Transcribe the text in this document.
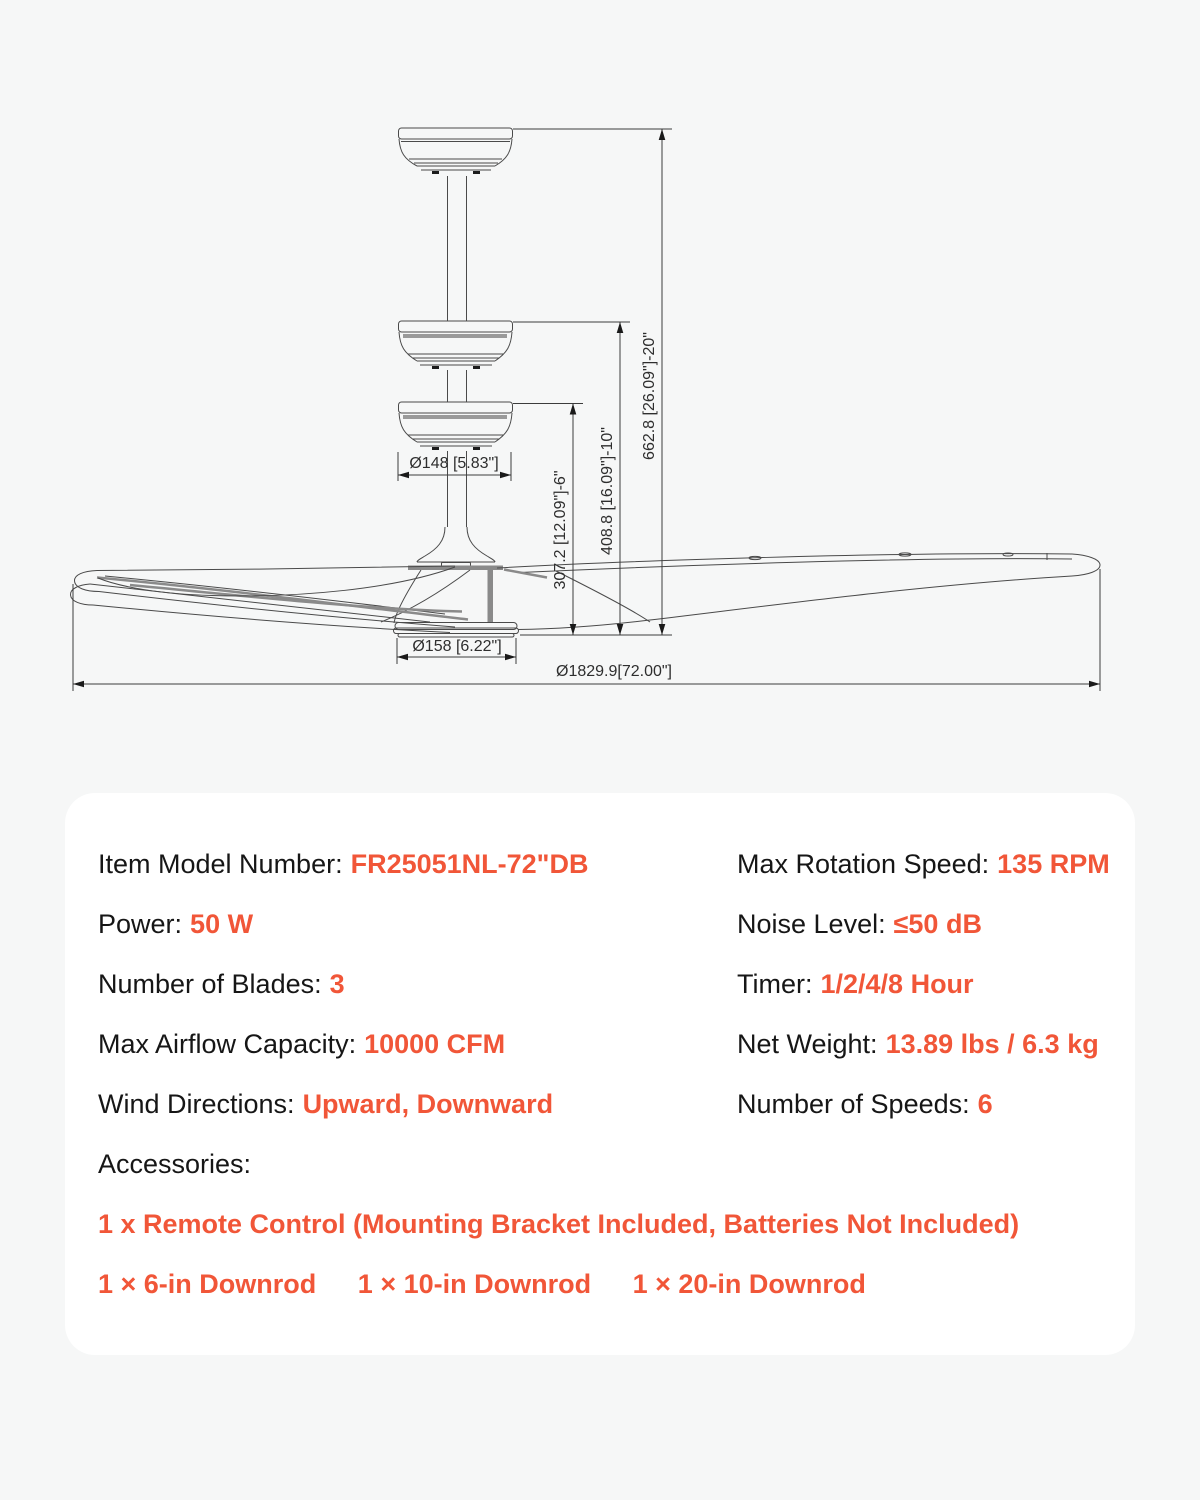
Ø148 [5.83"]
Ø158 [6.22"]
Ø1829.9[72.00"]
307.2 [12.09"]-6" 408.8 [16.09"]-10"
662.8 [26.09"]-20"
Item Model Number: FR25051NL-72"DB	Max Rotation Speed: 135 RPM
Power: 50 W	Noise Level: ≤50 dB
Number of Blades: 3	Timer: 1/2/4/8 Hour
Max Airflow Capacity: 10000 CFM	Net Weight: 13.89 lbs / 6.3 kg
Wind Directions: Upward, Downward	Number of Speeds: 6
Accessories:
1 x Remote Control (Mounting Bracket Included, Batteries Not Included)
1 × 6-in Downrod 1 × 10-in Downrod 1 × 20-in Downrod
